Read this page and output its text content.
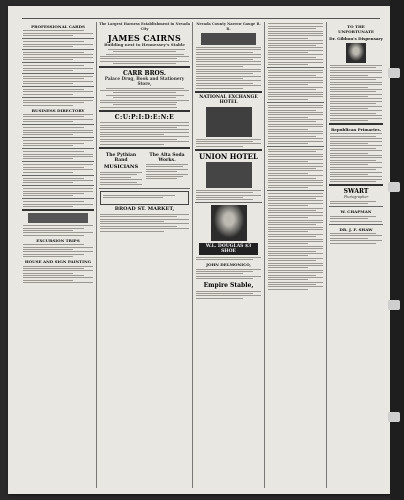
PROFESSIONAL CARDS
BUSINESS DIRECTORY
EXCURSION TRIPS
HOUSE AND SIGN PAINTING
The Largest Harness Establishment in Nevada City
JAMES CAIRNS
Building next to Hennessey's Stable
CARR BROS.
Palace Drug, Book and Stationery Store,
C:U:P:I:D:E:N:E
The Pythian Band
MUSICIANS
The Alta Soda Works.
BROAD ST. MARKET,
Nevada County Narrow Gauge R. R.
NATIONAL EXCHANGE HOTEL
UNION HOTEL
W.L. DOUGLAS $3 SHOE
JOHN DELMONICO,
Empire Stable,
TO THE UNFORTUNATE
Dr. Gibbon's Dispensary
Republican Primaries.
SWART
Photographer
W. CHAPMAN
DR. J. F. SHAW
